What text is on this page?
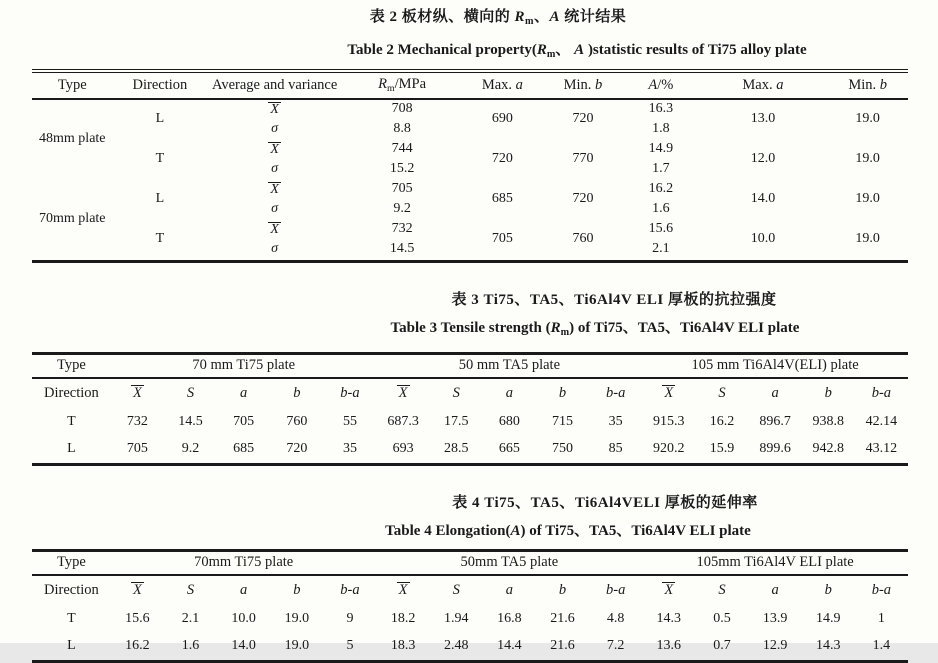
表 2 板材纵、横向的 Rm、A 统计结果
Table 2 Mechanical property(Rm、 A )statistic results of Ti75 alloy plate
Type	Direction	Average and variance	Rm/MPa	Max. a	Min. b	A/%	Max. a	Min. b
48mm plate	L	X	708	690	720	16.3	13.0	19.0
		σ	8.8			1.8		
	T	X	744	720	770	14.9	12.0	19.0
		σ	15.2			1.7		
70mm plate	L	X	705	685	720	16.2	14.0	19.0
		σ	9.2			1.6		
	T	X	732	705	760	15.6	10.0	19.0
		σ	14.5			2.1		
表 3 Ti75、TA5、Ti6Al4V ELI 厚板的抗拉强度
Table 3 Tensile strength (Rm) of Ti75、TA5、Ti6Al4V ELI plate
Type	70 mm Ti75 plate					50 mm TA5 plate					105 mm Ti6Al4V(ELI) plate				
Direction	X	S	a	b	b-a	X	S	a	b	b-a	X	S	a	b	b-a
T	732	14.5	705	760	55	687.3	17.5	680	715	35	915.3	16.2	896.7	938.8	42.14
L	705	9.2	685	720	35	693	28.5	665	750	85	920.2	15.9	899.6	942.8	43.12
表 4 Ti75、TA5、Ti6Al4VELI 厚板的延伸率
Table 4 Elongation(A) of Ti75、TA5、Ti6Al4V ELI plate
Type	70mm Ti75 plate					50mm TA5 plate					105mm Ti6Al4V ELI plate				
Direction	X	S	a	b	b-a	X	S	a	b	b-a	X	S	a	b	b-a
T	15.6	2.1	10.0	19.0	9	18.2	1.94	16.8	21.6	4.8	14.3	0.5	13.9	14.9	1
L	16.2	1.6	14.0	19.0	5	18.3	2.48	14.4	21.6	7.2	13.6	0.7	12.9	14.3	1.4
